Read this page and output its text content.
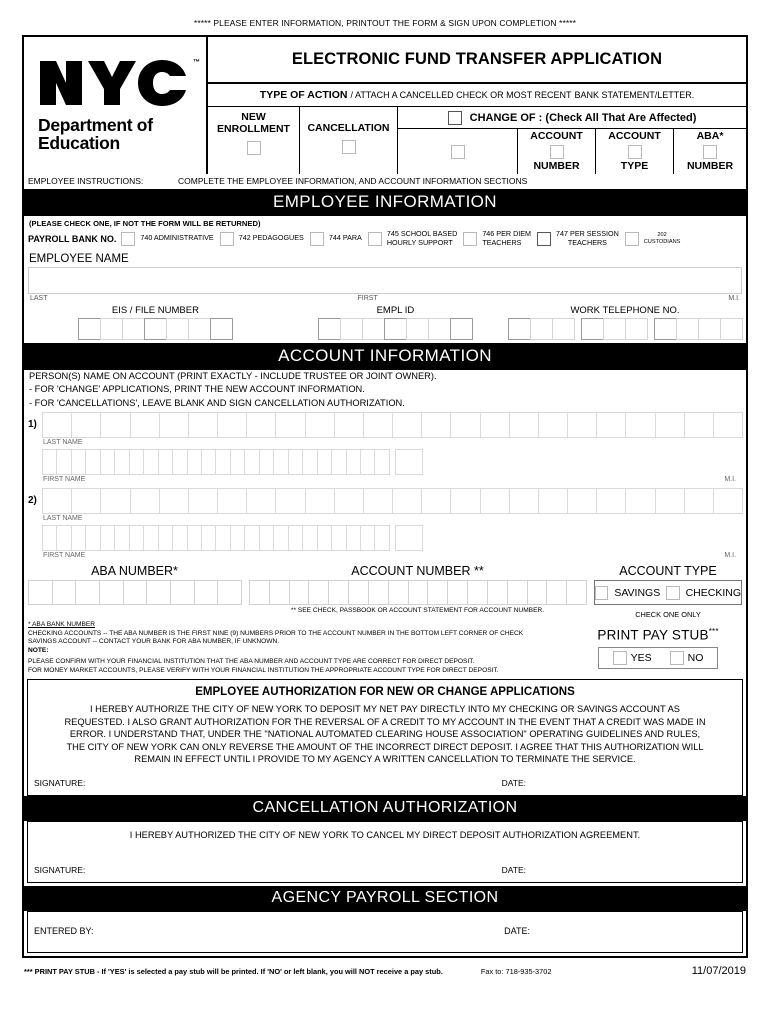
***** PLEASE ENTER INFORMATION, PRINTOUT THE FORM & SIGN UPON COMPLETION *****
™
Department of
Education
ELECTRONIC FUND TRANSFER APPLICATION
TYPE OF ACTION / ATTACH A CANCELLED CHECK OR MOST RECENT BANK STATEMENT/LETTER.
NEW
ENROLLMENT CANCELLATION
CHANGE OF : (Check All That Are Affected)
ACCOUNT
NUMBER
ACCOUNT
TYPE
ABA*
NUMBER
EMPLOYEE INSTRUCTIONS:	COMPLETE THE EMPLOYEE INFORMATION, AND ACCOUNT INFORMATION SECTIONS
EMPLOYEE INFORMATION
(PLEASE CHECK ONE, IF NOT THE FORM WILL BE RETURNED)
PAYROLL BANK NO.	740 ADMINISTRATIVE	742 PEDAGOGUES	744 PARA	745 SCHOOL BASED
HOURLY SUPPORT
746 PER DIEM
TEACHERS
747 PER SESSION
TEACHERS
202
CUSTODIANS
EMPLOYEE NAME
LAST	FIRST	M.I.
EIS / FILE NUMBER	EMPL ID	WORK TELEPHONE NO.
ACCOUNT INFORMATION
PERSON(S) NAME ON ACCOUNT (PRINT EXACTLY - INCLUDE TRUSTEE OR JOINT OWNER).
- FOR 'CHANGE' APPLICATIONS, PRINT THE NEW ACCOUNT INFORMATION.
- FOR 'CANCELLATIONS', LEAVE BLANK AND SIGN CANCELLATION AUTHORIZATION.
1)
LAST NAME
FIRST NAME	M.I.
2)
LAST NAME
FIRST NAME	M.I.
ABA NUMBER*	ACCOUNT NUMBER **
** SEE CHECK, PASSBOOK OR ACCOUNT STATEMENT FOR ACCOUNT NUMBER.
ACCOUNT TYPE
SAVINGS CHECKING
CHECK ONE ONLY
* ABA BANK NUMBER
CHECKING ACCOUNTS -- THE ABA NUMBER IS THE FIRST NINE (9) NUMBERS PRIOR TO THE ACCOUNT NUMBER IN THE BOTTOM LEFT CORNER OF CHECK
SAVINGS ACCOUNT -- CONTACT YOUR BANK FOR ABA NUMBER, IF UNKNOWN.
NOTE:
PLEASE CONFIRM WITH YOUR FINANCIAL INSTITUTION THAT THE ABA NUMBER AND ACCOUNT TYPE ARE CORRECT FOR DIRECT DEPOSIT.
FOR MONEY MARKET ACCOUNTS, PLEASE VERIFY WITH YOUR FINANCIAL INSTITUTION THE APPROPRIATE ACCOUNT TYPE FOR DIRECT DEPOSIT.
PRINT PAY STUB***
YES	NO
EMPLOYEE AUTHORIZATION FOR NEW OR CHANGE APPLICATIONS
I HEREBY AUTHORIZE THE CITY OF NEW YORK TO DEPOSIT MY NET PAY DIRECTLY INTO MY CHECKING OR SAVINGS ACCOUNT AS REQUESTED. I ALSO GRANT AUTHORIZATION FOR THE REVERSAL OF A CREDIT TO MY ACCOUNT IN THE EVENT THAT A CREDIT WAS MADE IN ERROR. I UNDERSTAND THAT, UNDER THE "NATIONAL AUTOMATED CLEARING HOUSE ASSOCIATION" OPERATING GUIDELINES AND RULES, THE CITY OF NEW YORK CAN ONLY REVERSE THE AMOUNT OF THE INCORRECT DIRECT DEPOSIT. I AGREE THAT THIS AUTHORIZATION WILL REMAIN IN EFFECT UNTIL I PROVIDE TO MY AGENCY A WRITTEN CANCELLATION TO TERMINATE THE SERVICE.
SIGNATURE:	DATE:
CANCELLATION AUTHORIZATION
I HEREBY AUTHORIZED THE CITY OF NEW YORK TO CANCEL MY DIRECT DEPOSIT AUTHORIZATION AGREEMENT.
SIGNATURE:	DATE:
AGENCY PAYROLL SECTION
ENTERED BY:	DATE:
*** PRINT PAY STUB - If 'YES' is selected a pay stub will be printed. If 'NO' or left blank, you will NOT receive a pay stub.	Fax to: 718-935-3702	11/07/2019
